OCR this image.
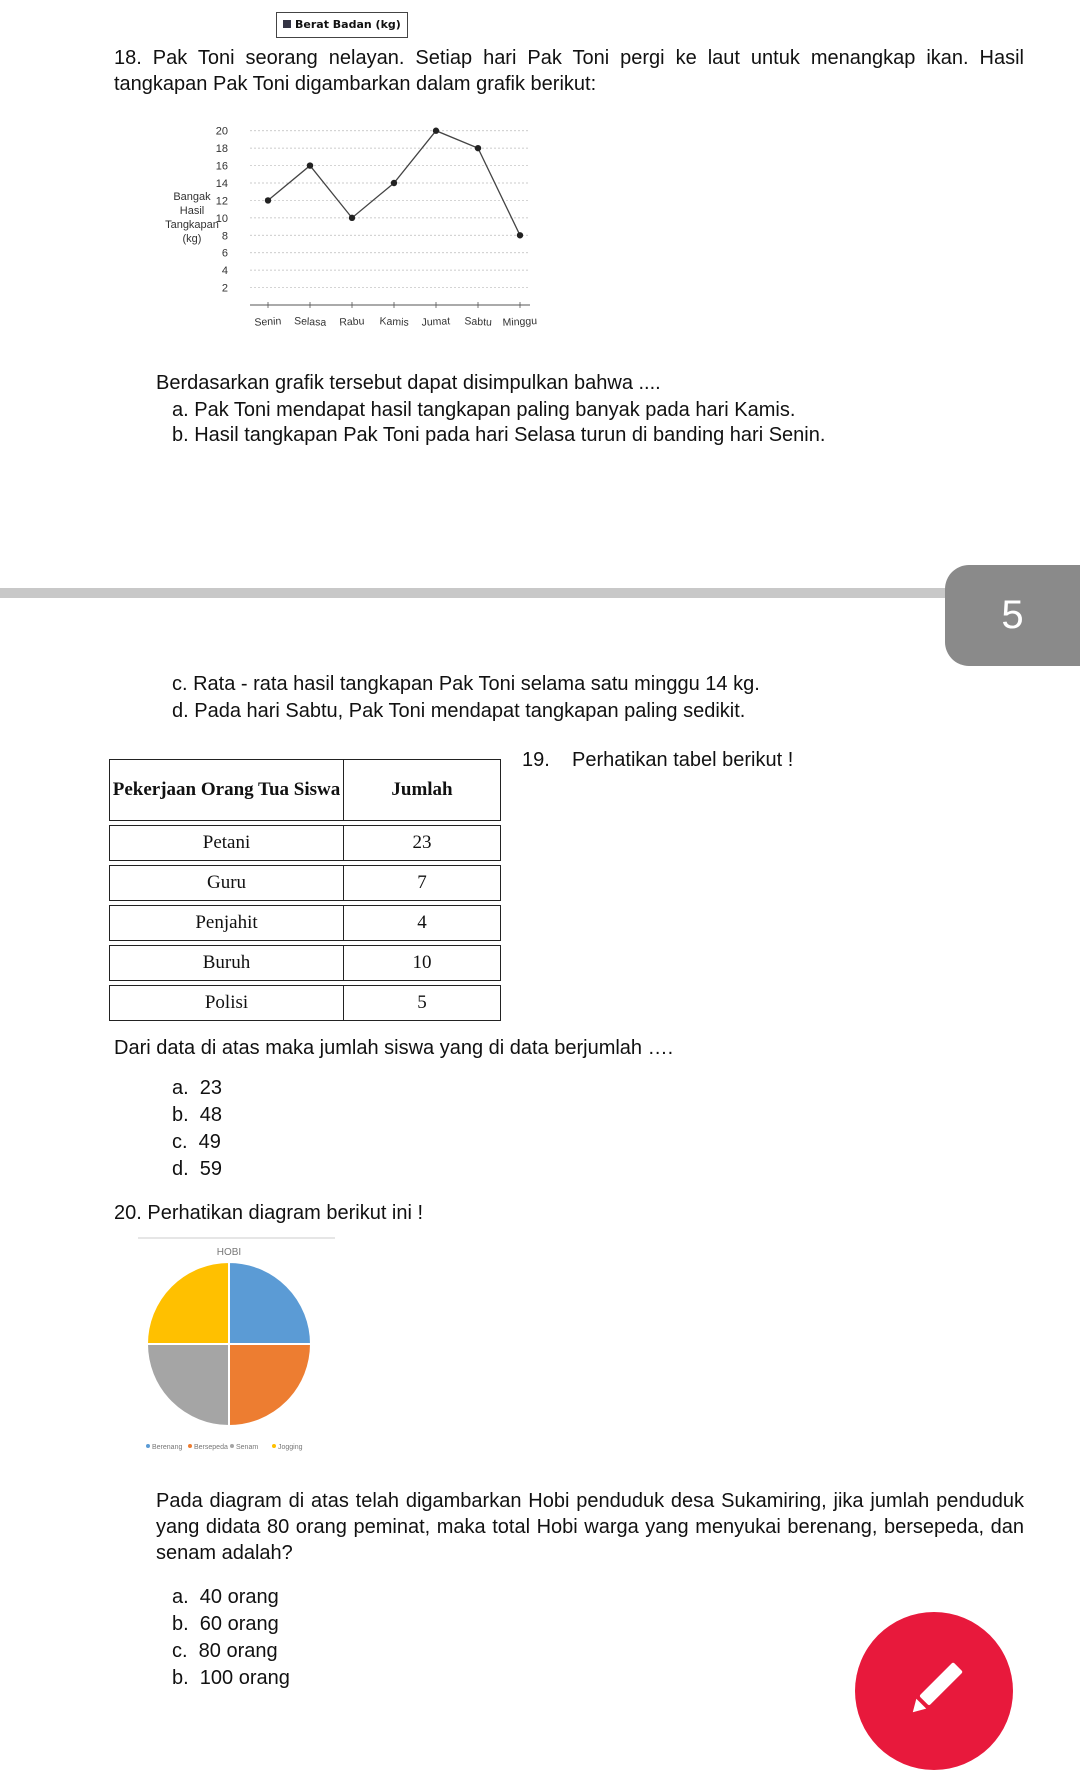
Berat Badan (kg)
18. Pak Toni seorang nelayan. Setiap hari Pak Toni pergi ke laut untuk menangkap ikan. Hasil tangkapan Pak Toni digambarkan dalam grafik berikut:
2
4
6
8
10
12
14
16
18
20
Senin Selasa Rabu Kamis Jumat Sabtu Minggu
Bangak
Hasil
Tangkapan
(kg)
Berdasarkan grafik tersebut dapat disimpulkan bahwa ....
a. Pak Toni mendapat hasil tangkapan paling banyak pada hari Kamis.
b. Hasil tangkapan Pak Toni pada hari Selasa turun di banding hari Senin.
5
c. Rata - rata hasil tangkapan Pak Toni selama satu minggu 14 kg.
d. Pada hari Sabtu, Pak Toni mendapat tangkapan paling sedikit.
19.    Perhatikan tabel berikut !
Pekerjaan Orang Tua Siswa	Jumlah
Petani	23
Guru	7
Penjahit	4
Buruh	10
Polisi	5
Dari data di atas maka jumlah siswa yang di data berjumlah ….
a.  23
b.  48
c.  49
d.  59
20. Perhatikan diagram berikut ini !
HOBI
Berenang Bersepeda Senam	Jogging
Pada diagram di atas telah digambarkan Hobi penduduk desa Sukamiring, jika jumlah penduduk yang didata 80 orang peminat, maka total Hobi warga yang menyukai berenang, bersepeda, dan senam adalah?
a.  40 orang
b.  60 orang
c.  80 orang
b.  100 orang
